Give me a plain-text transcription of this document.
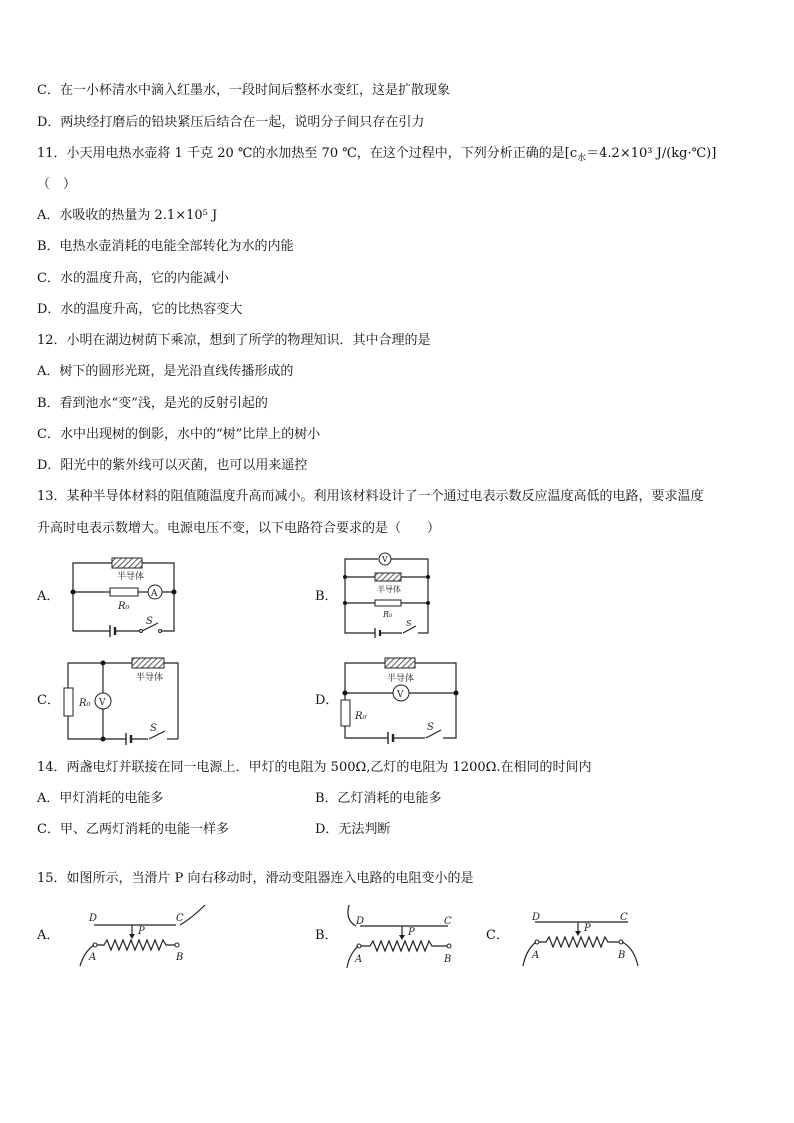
C．在一小杯清水中滴入红墨水，一段时间后整杯水变红，这是扩散现象
D．两块经打磨后的铅块紧压后结合在一起，说明分子间只存在引力
11．小天用电热水壶将 1 千克 20 ℃的水加热至 70 ℃，在这个过程中，下列分析正确的是[$c_水=4.2\times 10^3$ J/(kg·℃)]
（　）
A．水吸收的热量为 2.1×10⁵ J
B．电热水壶消耗的电能全部转化为水的内能
C．水的温度升高，它的内能减小
D．水的温度升高，它的比热容变大
12．小明在湖边树荫下乘凉，想到了所学的物理知识．其中合理的是
A．树下的圆形光斑，是光沿直线传播形成的
B．看到池水“变”浅，是光的反射引起的
C．水中出现树的倒影，水中的“树”比岸上的树小
D．阳光中的紫外线可以灭菌，也可以用来遥控
13．某种半导体材料的阻值随温度升高而减小。利用该材料设计了一个通过电表示数反应温度高低的电路，要求温度
升高时电表示数增大。电源电压不变，以下电路符合要求的是（　　）
A．	B．
C．	D．
半导体
A
R₀
S
V
半导体
R₀
S
半导体
R₀ V
S
半导体
V
R₀
S
D	C
P
A	B
D	C
P
A	B
D	C
P
A	B
14．两盏电灯并联接在同一电源上．甲灯的电阻为 500Ω,乙灯的电阻为 1200Ω.在相同的时间内
A．甲灯消耗的电能多	B．乙灯消耗的电能多
C．甲、乙两灯消耗的电能一样多	D．无法判断
15．如图所示，当滑片 P 向右移动时，滑动变阻器连入电路的电阻变小的是
A．	B．	C．
